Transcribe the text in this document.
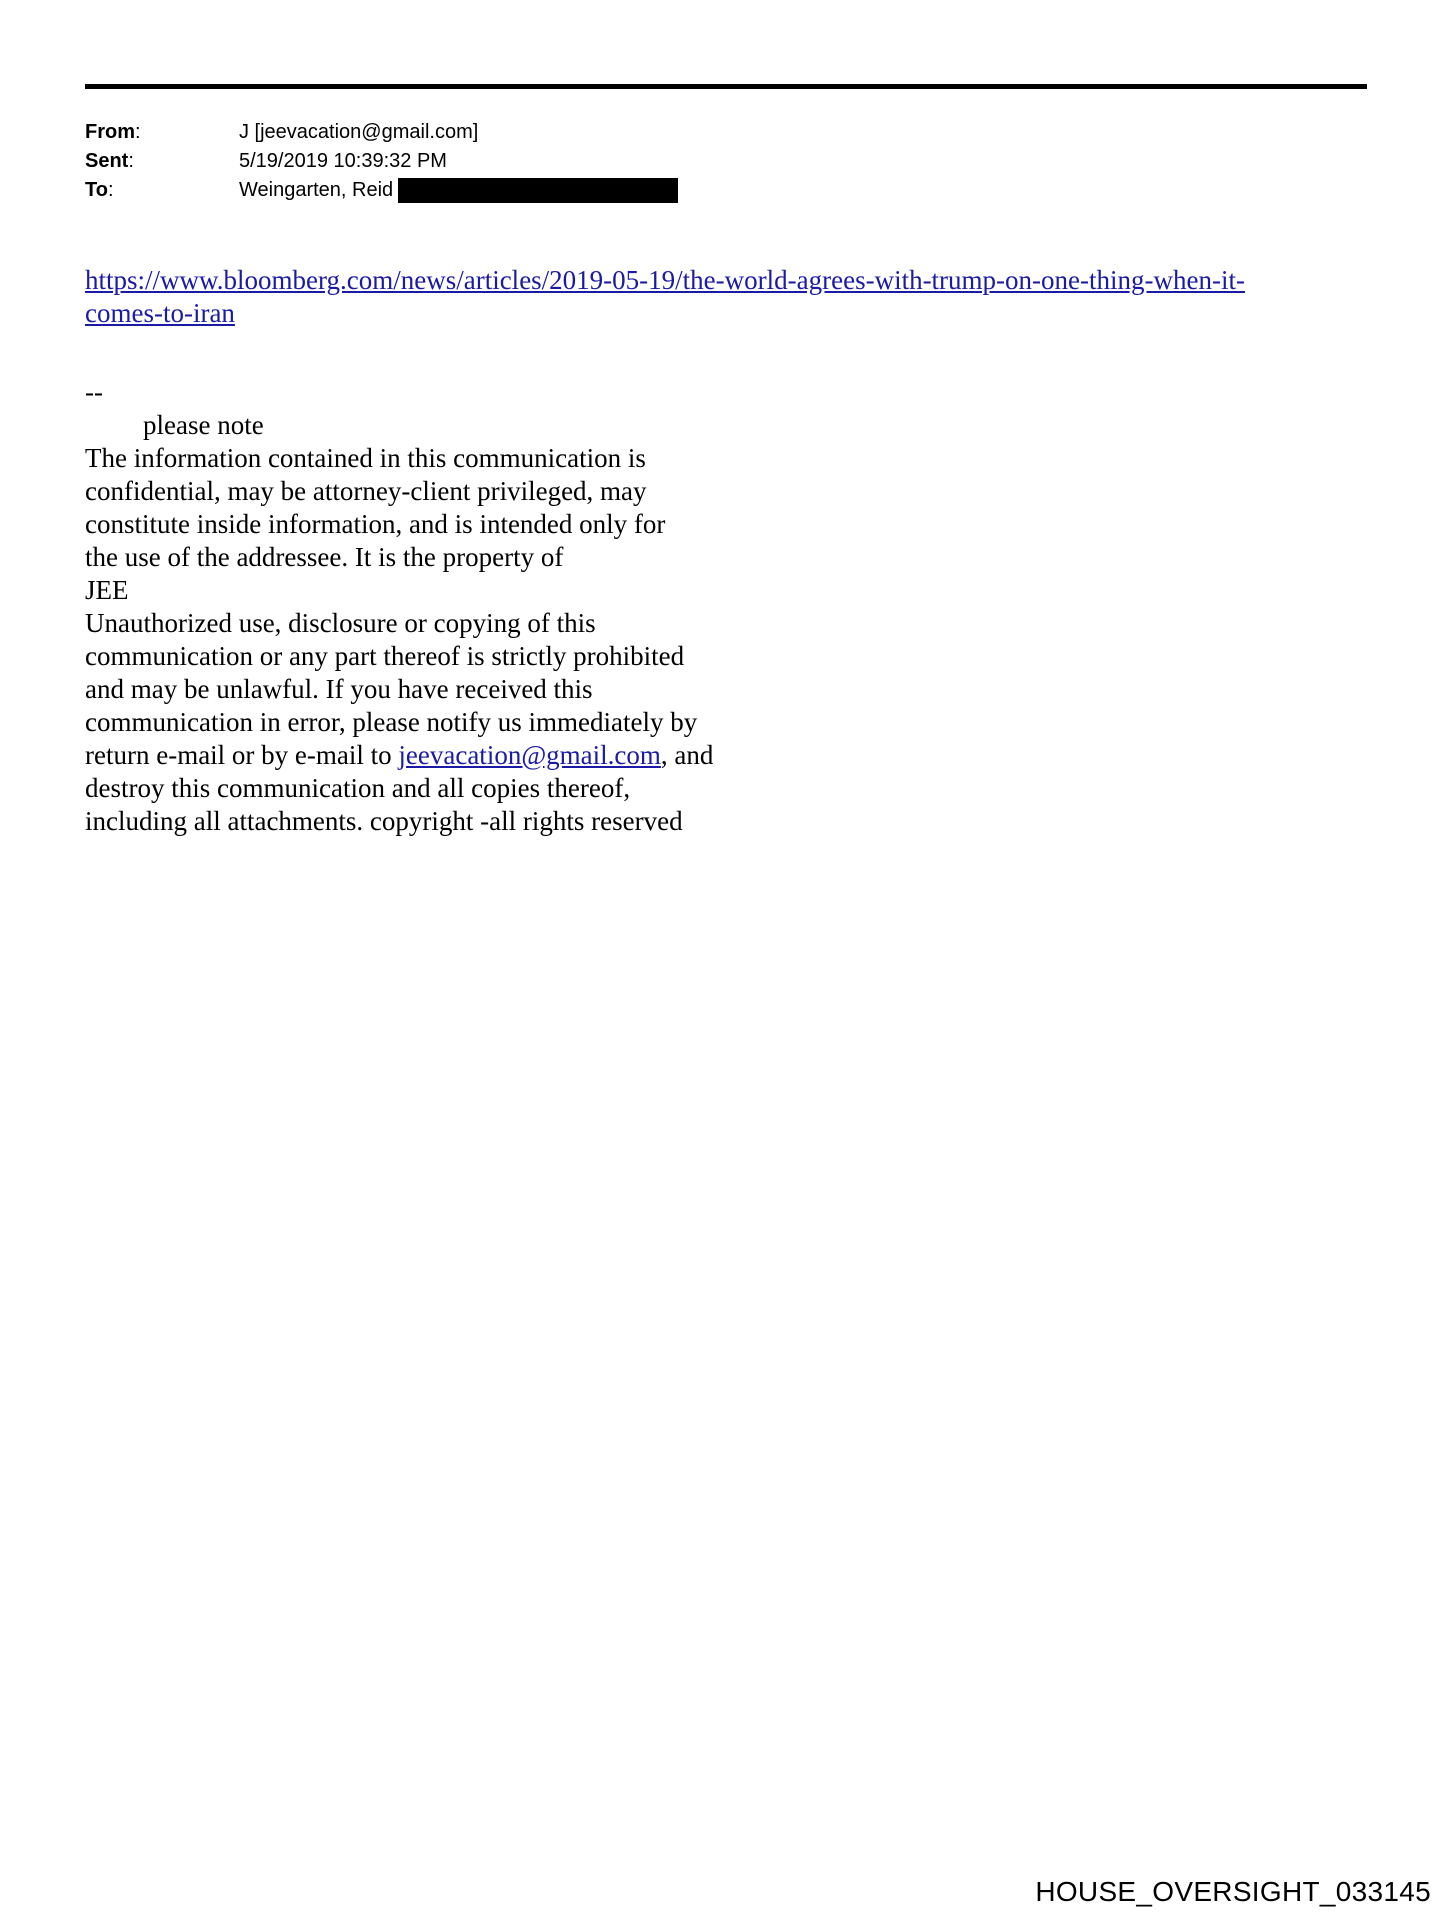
From:	J [jeevacation@gmail.com]
Sent:	5/19/2019 10:39:32 PM
To:	Weingarten, Reid
https://www.bloomberg.com/news/articles/2019-05-19/the-world-agrees-with-trump-on-one-thing-when-it-
comes-to-iran
--
please note
The information contained in this communication is
confidential, may be attorney-client privileged, may
constitute inside information, and is intended only for
the use of the addressee. It is the property of
JEE
Unauthorized use, disclosure or copying of this
communication or any part thereof is strictly prohibited
and may be unlawful. If you have received this
communication in error, please notify us immediately by
return e-mail or by e-mail to jeevacation@gmail.com, and
destroy this communication and all copies thereof,
including all attachments. copyright -all rights reserved
HOUSE_OVERSIGHT_033145
